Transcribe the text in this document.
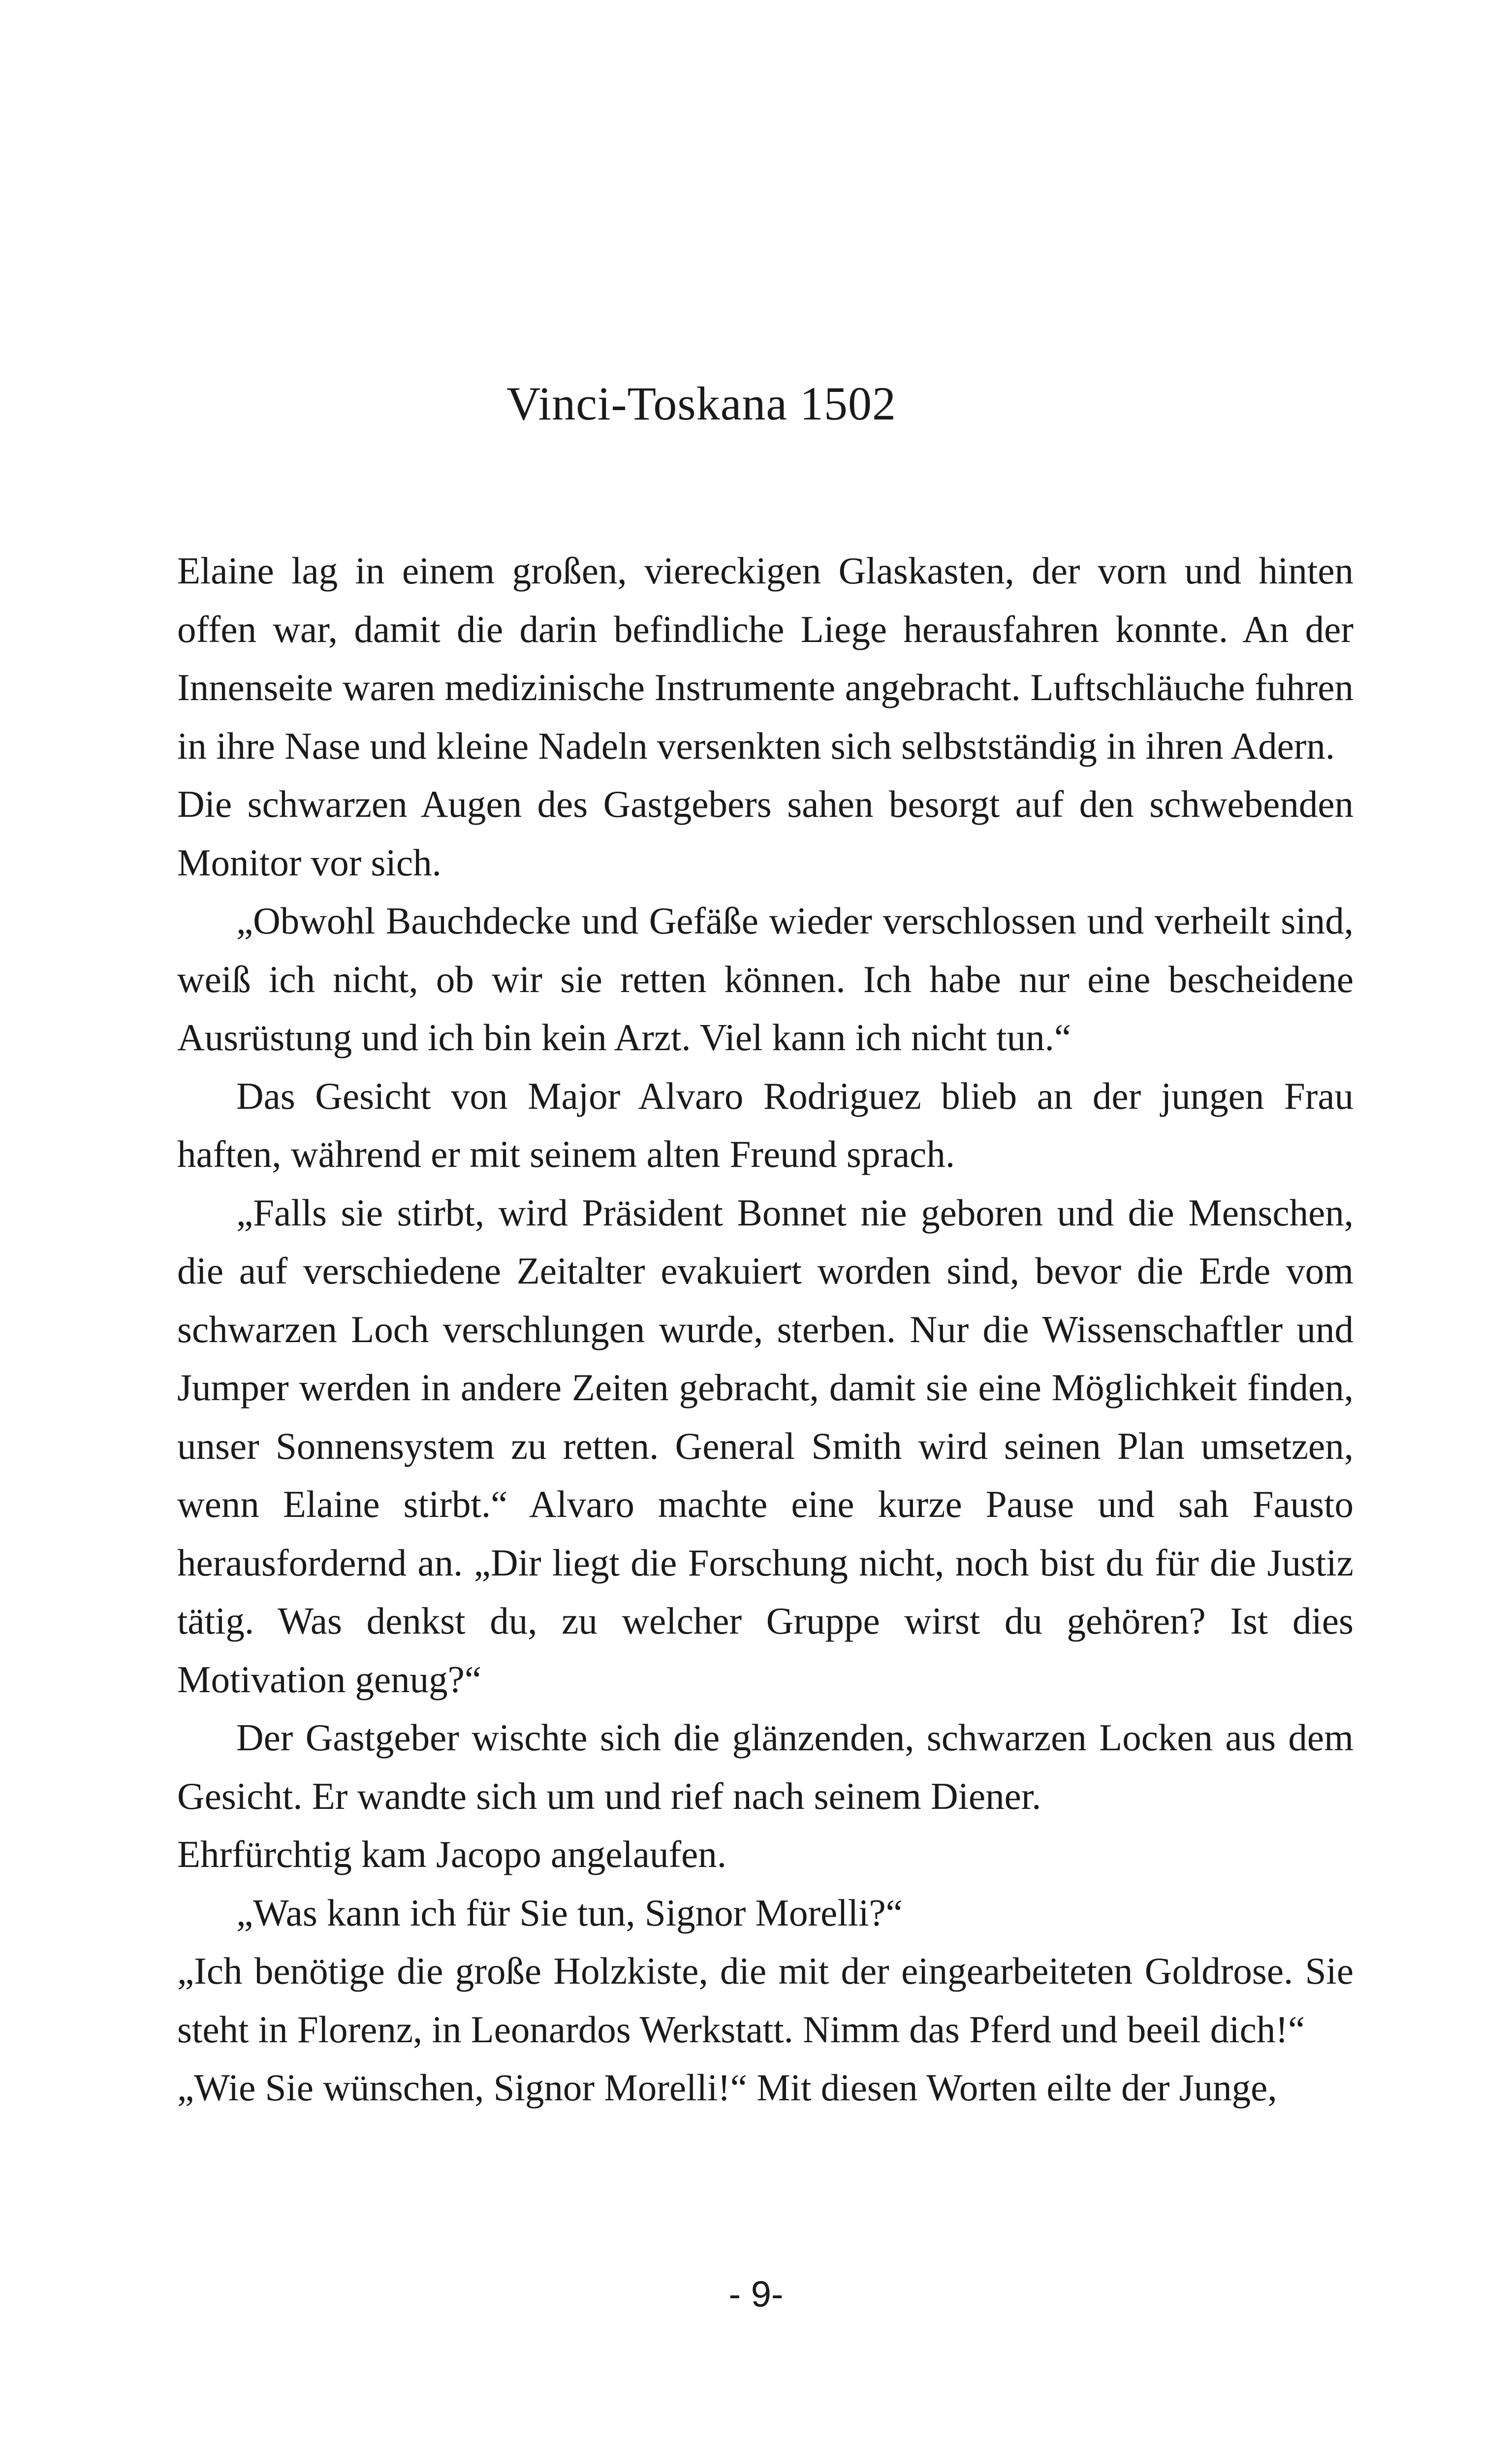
Vinci-Toskana 1502

Elaine lag in einem großen, viereckigen Glaskasten, der vorn und hinten offen war, damit die darin befindliche Liege herausfahren konnte. An der Innenseite waren medizinische Instrumente angebracht. Luftschläuche fuhren in ihre Nase und kleine Nadeln versenkten sich selbstständig in ihren Adern.

Die schwarzen Augen des Gastgebers sahen besorgt auf den schwebenden Monitor vor sich.

„Obwohl Bauchdecke und Gefäße wieder verschlossen und verheilt sind, weiß ich nicht, ob wir sie retten können. Ich habe nur eine bescheidene Ausrüstung und ich bin kein Arzt. Viel kann ich nicht tun.“

Das Gesicht von Major Alvaro Rodriguez blieb an der jungen Frau haften, während er mit seinem alten Freund sprach.

„Falls sie stirbt, wird Präsident Bonnet nie geboren und die Menschen, die auf verschiedene Zeitalter evakuiert worden sind, bevor die Erde vom schwarzen Loch verschlungen wurde, sterben. Nur die Wissenschaftler und Jumper werden in andere Zeiten gebracht, damit sie eine Möglichkeit finden, unser Sonnensystem zu retten. General Smith wird seinen Plan umsetzen, wenn Elaine stirbt.“ Alvaro machte eine kurze Pause und sah Fausto herausfordernd an. „Dir liegt die Forschung nicht, noch bist du für die Justiz tätig. Was denkst du, zu welcher Gruppe wirst du gehören? Ist dies Motivation genug?“

Der Gastgeber wischte sich die glänzenden, schwarzen Locken aus dem Gesicht. Er wandte sich um und rief nach seinem Diener.

Ehrfürchtig kam Jacopo angelaufen.

„Was kann ich für Sie tun, Signor Morelli?“

„Ich benötige die große Holzkiste, die mit der eingearbeiteten Goldrose. Sie steht in Florenz, in Leonardos Werkstatt. Nimm das Pferd und beeil dich!“

„Wie Sie wünschen, Signor Morelli!“ Mit diesen Worten eilte der Junge,

- 9-
